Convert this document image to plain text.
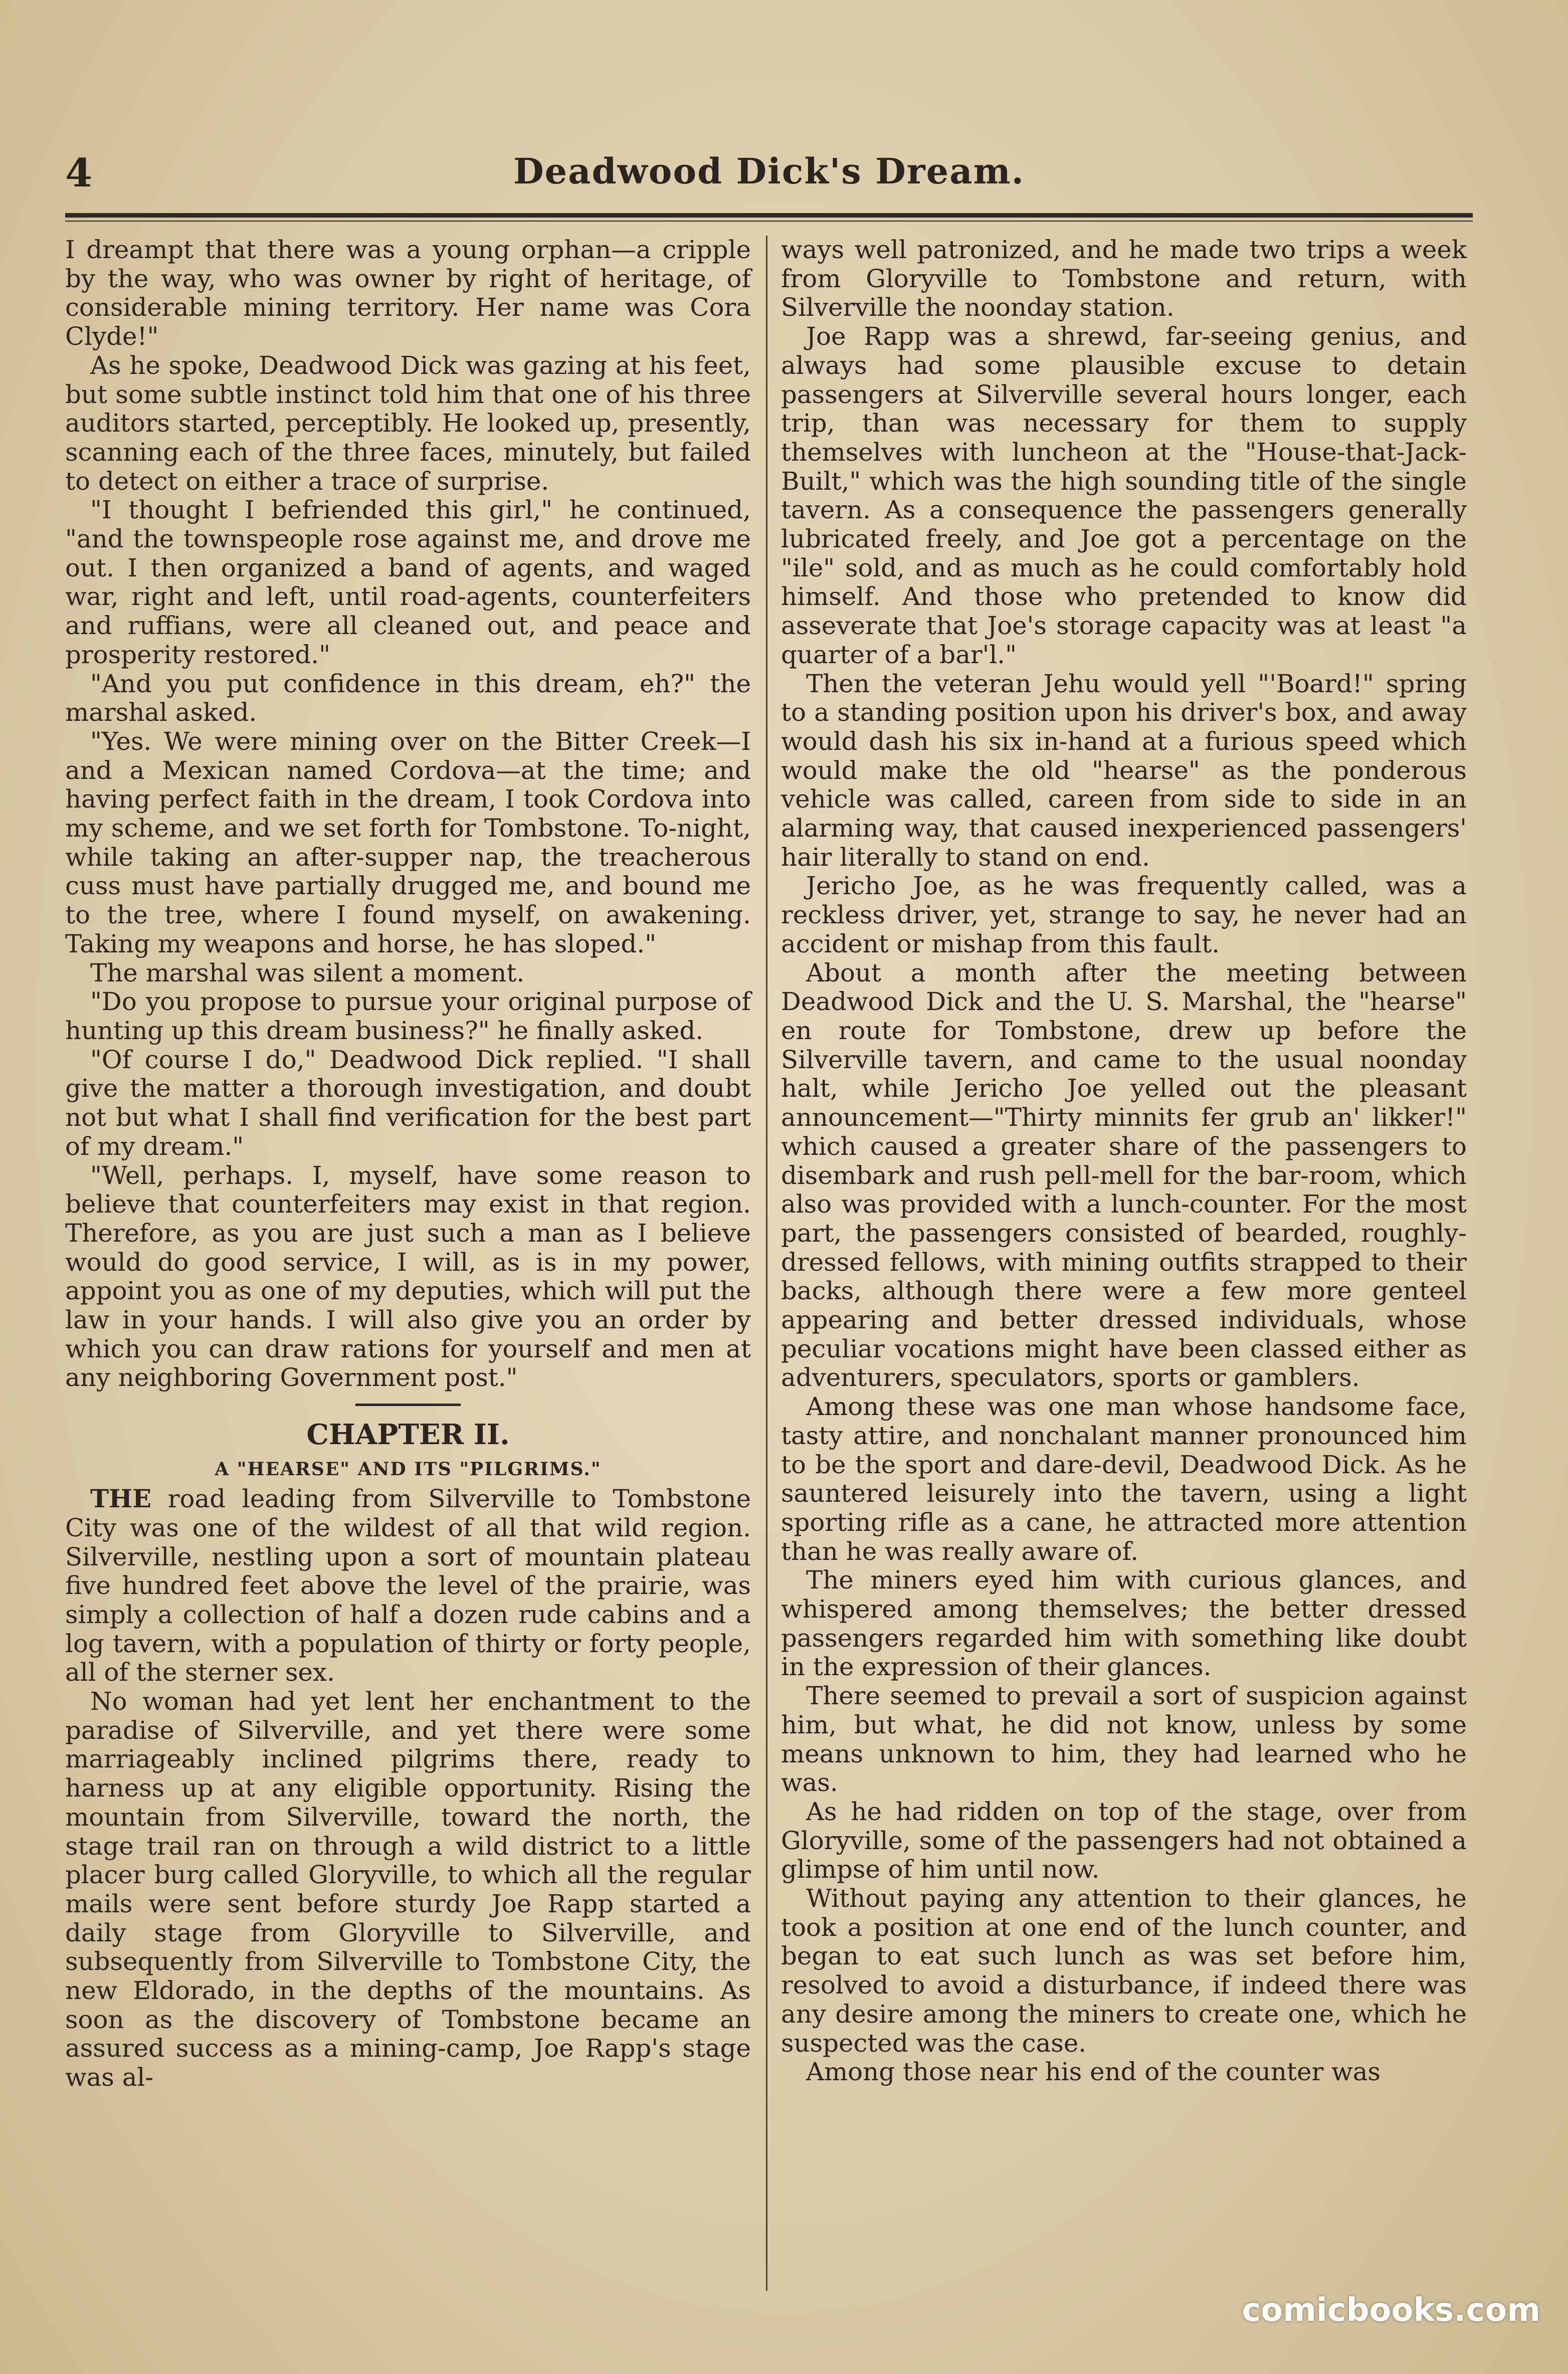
4	Deadwood Dick's Dream.

I dreampt that there was a young orphan—a cripple by the way, who was owner by right of heritage, of considerable mining territory. Her name was Cora Clyde!"

As he spoke, Deadwood Dick was gazing at his feet, but some subtle instinct told him that one of his three auditors started, perceptibly. He looked up, presently, scanning each of the three faces, minutely, but failed to detect on either a trace of surprise.

"I thought I befriended this girl," he continued, "and the townspeople rose against me, and drove me out. I then organized a band of agents, and waged war, right and left, until road-agents, counterfeiters and ruffians, were all cleaned out, and peace and prosperity restored."

"And you put confidence in this dream, eh?" the marshal asked.

"Yes. We were mining over on the Bitter Creek—I and a Mexican named Cordova—at the time; and having perfect faith in the dream, I took Cordova into my scheme, and we set forth for Tombstone. To-night, while taking an after-supper nap, the treacherous cuss must have partially drugged me, and bound me to the tree, where I found myself, on awakening. Taking my weapons and horse, he has sloped."

The marshal was silent a moment.

"Do you propose to pursue your original purpose of hunting up this dream business?" he finally asked.

"Of course I do," Deadwood Dick replied. "I shall give the matter a thorough investigation, and doubt not but what I shall find verification for the best part of my dream."

"Well, perhaps. I, myself, have some reason to believe that counterfeiters may exist in that region. Therefore, as you are just such a man as I believe would do good service, I will, as is in my power, appoint you as one of my deputies, which will put the law in your hands. I will also give you an order by which you can draw rations for yourself and men at any neighboring Government post."

CHAPTER II.
A "HEARSE" AND ITS "PILGRIMS."

THE road leading from Silverville to Tombstone City was one of the wildest of all that wild region. Silverville, nestling upon a sort of mountain plateau five hundred feet above the level of the prairie, was simply a collection of half a dozen rude cabins and a log tavern, with a population of thirty or forty people, all of the sterner sex.

No woman had yet lent her enchantment to the paradise of Silverville, and yet there were some marriageably inclined pilgrims there, ready to harness up at any eligible opportunity. Rising the mountain from Silverville, toward the north, the stage trail ran on through a wild district to a little placer burg called Gloryville, to which all the regular mails were sent before sturdy Joe Rapp started a daily stage from Gloryville to Silverville, and subsequently from Silverville to Tombstone City, the new Eldorado, in the depths of the mountains. As soon as the discovery of Tombstone became an assured success as a mining-camp, Joe Rapp's stage was al-

ways well patronized, and he made two trips a week from Gloryville to Tombstone and return, with Silverville the noonday station.

Joe Rapp was a shrewd, far-seeing genius, and always had some plausible excuse to detain passengers at Silverville several hours longer, each trip, than was necessary for them to supply themselves with luncheon at the "House-that-Jack-Built," which was the high sounding title of the single tavern. As a consequence the passengers generally lubricated freely, and Joe got a percentage on the "ile" sold, and as much as he could comfortably hold himself. And those who pretended to know did asseverate that Joe's storage capacity was at least "a quarter of a bar'l."

Then the veteran Jehu would yell "'Board!" spring to a standing position upon his driver's box, and away would dash his six in-hand at a furious speed which would make the old "hearse" as the ponderous vehicle was called, careen from side to side in an alarming way, that caused inexperienced passengers' hair literally to stand on end.

Jericho Joe, as he was frequently called, was a reckless driver, yet, strange to say, he never had an accident or mishap from this fault.

About a month after the meeting between Deadwood Dick and the U. S. Marshal, the "hearse" en route for Tombstone, drew up before the Silverville tavern, and came to the usual noonday halt, while Jericho Joe yelled out the pleasant announcement—"Thirty minnits fer grub an' likker!" which caused a greater share of the passengers to disembark and rush pell-mell for the bar-room, which also was provided with a lunch-counter. For the most part, the passengers consisted of bearded, roughly-dressed fellows, with mining outfits strapped to their backs, although there were a few more genteel appearing and better dressed individuals, whose peculiar vocations might have been classed either as adventurers, speculators, sports or gamblers.

Among these was one man whose handsome face, tasty attire, and nonchalant manner pronounced him to be the sport and dare-devil, Deadwood Dick. As he sauntered leisurely into the tavern, using a light sporting rifle as a cane, he attracted more attention than he was really aware of.

The miners eyed him with curious glances, and whispered among themselves; the better dressed passengers regarded him with something like doubt in the expression of their glances.

There seemed to prevail a sort of suspicion against him, but what, he did not know, unless by some means unknown to him, they had learned who he was.

As he had ridden on top of the stage, over from Gloryville, some of the passengers had not obtained a glimpse of him until now.

Without paying any attention to their glances, he took a position at one end of the lunch counter, and began to eat such lunch as was set before him, resolved to avoid a disturbance, if indeed there was any desire among the miners to create one, which he suspected was the case.

Among those near his end of the counter was

comicbooks.com
